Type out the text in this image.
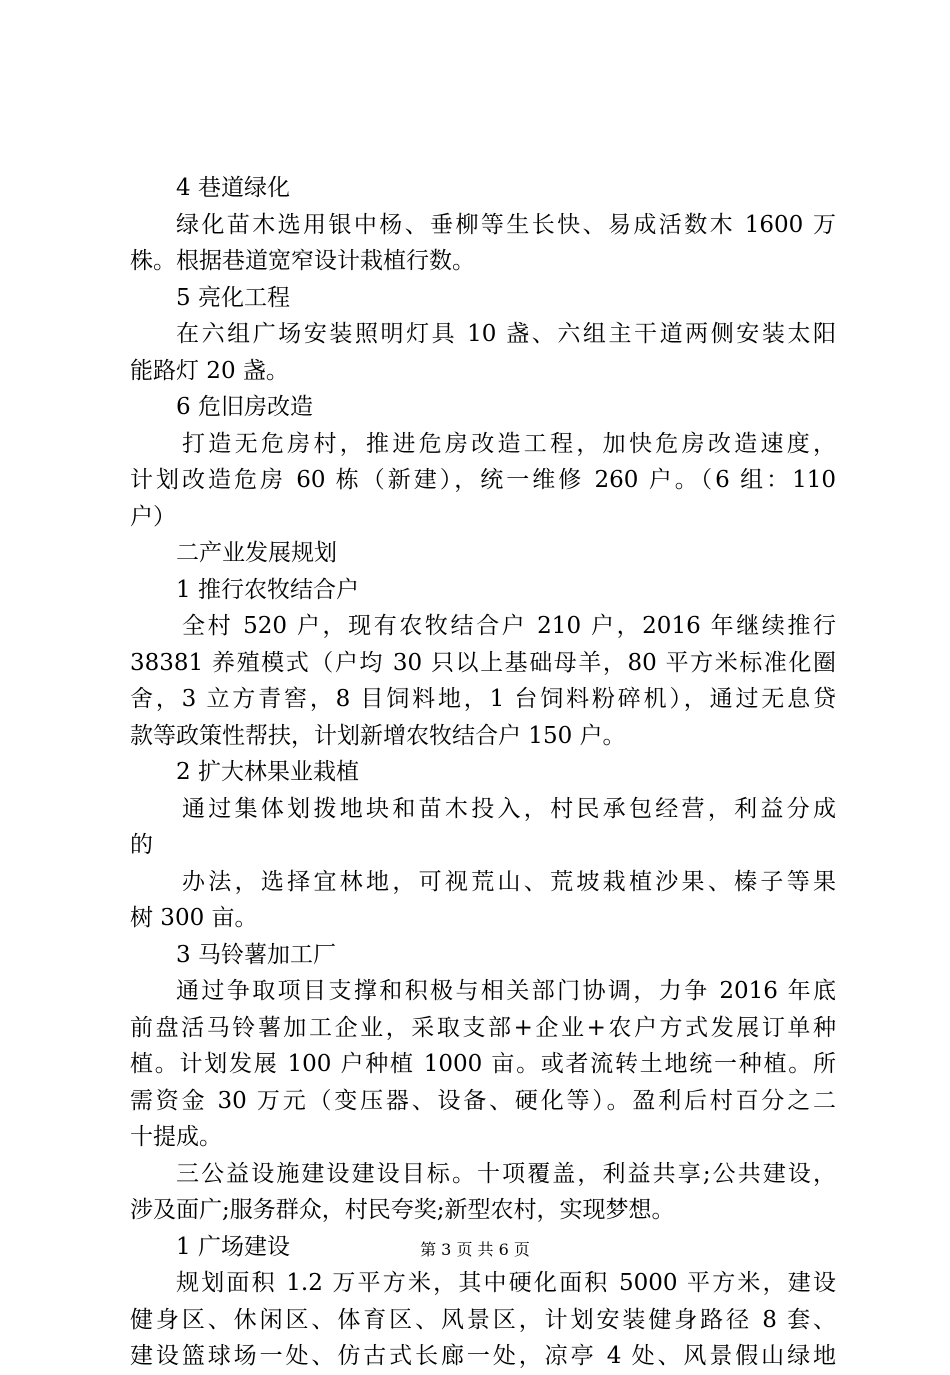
4 巷道绿化
绿化苗木选用银中杨、垂柳等生长快、易成活数木 1600 万
株。根据巷道宽窄设计栽植行数。
5 亮化工程
在六组广场安装照明灯具 10 盏、六组主干道两侧安装太阳
能路灯 20 盏。
6 危旧房改造
打造无危房村，推进危房改造工程，加快危房改造速度，
计划改造危房 60 栋（新建），统一维修 260 户。（6 组：110
户）
二产业发展规划
1 推行农牧结合户
全村 520 户，现有农牧结合户 210 户，2016 年继续推行
38381 养殖模式（户均 30 只以上基础母羊，80 平方米标准化圈
舍，3 立方青窖，8 目饲料地，1 台饲料粉碎机），通过无息贷
款等政策性帮扶，计划新增农牧结合户 150 户。
2 扩大林果业栽植
通过集体划拨地块和苗木投入，村民承包经营，利益分成
的
办法，选择宜林地，可视荒山、荒坡栽植沙果、榛子等果
树 300 亩。
3 马铃薯加工厂
通过争取项目支撑和积极与相关部门协调，力争 2016 年底
前盘活马铃薯加工企业，采取支部+企业+农户方式发展订单种
植。计划发展 100 户种植 1000 亩。或者流转土地统一种植。所
需资金 30 万元（变压器、设备、硬化等）。盈利后村百分之二
十提成。
三公益设施建设建设目标。十项覆盖，利益共享;公共建设，
涉及面广;服务群众，村民夸奖;新型农村，实现梦想。
1 广场建设
规划面积 1.2 万平方米，其中硬化面积 5000 平方米，建设
健身区、休闲区、体育区、风景区，计划安装健身路径 8 套、
建设篮球场一处、仿古式长廊一处，凉亭 4 处、风景假山绿地
第 3 页 共 6 页
